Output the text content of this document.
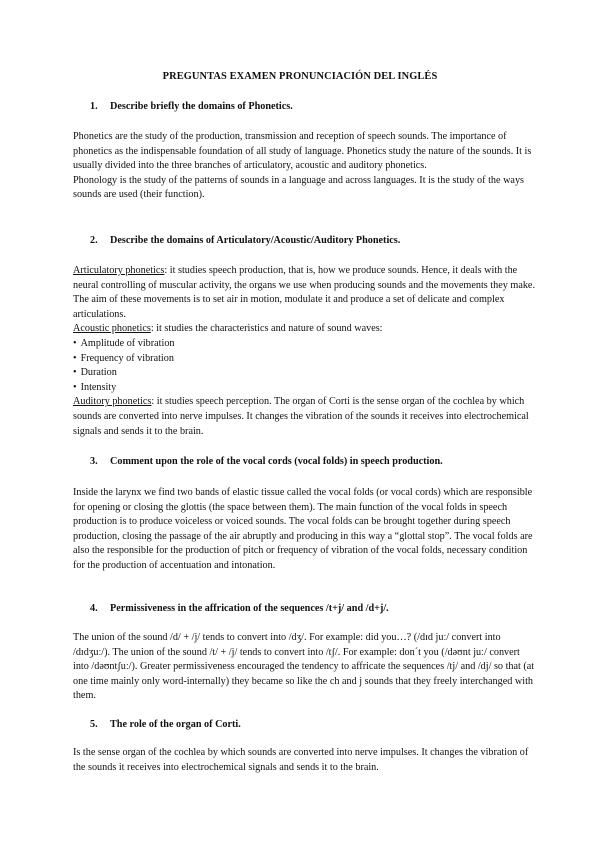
PREGUNTAS EXAMEN PRONUNCIACIÓN DEL INGLÉS
1. Describe briefly the domains of Phonetics.

Phonetics are the study of the production, transmission and reception of speech sounds. The importance of phonetics as the indispensable foundation of all study of language. Phonetics study the nature of the sounds. It is usually divided into the three branches of articulatory, acoustic and auditory phonetics.

Phonology is the study of the patterns of sounds in a language and across languages. It is the study of the ways sounds are used (their function).

2. Describe the domains of Articulatory/Acoustic/Auditory Phonetics.

Articulatory phonetics: it studies speech production, that is, how we produce sounds. Hence, it deals with the neural controlling of muscular activity, the organs we use when producing sounds and the movements they make. The aim of these movements is to set air in motion, modulate it and produce a set of delicate and complex articulations.

Acoustic phonetics: it studies the characteristics and nature of sound waves:

• Amplitude of vibration
• Frequency of vibration
• Duration
• Intensity

Auditory phonetics: it studies speech perception. The organ of Corti is the sense organ of the cochlea by which sounds are converted into nerve impulses. It changes the vibration of the sounds it receives into electrochemical signals and sends it to the brain.

3. Comment upon the role of the vocal cords (vocal folds) in speech production.

Inside the larynx we find two bands of elastic tissue called the vocal folds (or vocal cords) which are responsible for opening or closing the glottis (the space between them). The main function of the vocal folds in speech production is to produce voiceless or voiced sounds. The vocal folds can be brought together during speech production, closing the passage of the air abruptly and producing in this way a “glottal stop”. The vocal folds are also the responsible for the production of pitch or frequency of vibration of the vocal folds, necessary condition for the production of accentuation and intonation.

4. Permissiveness in the affrication of the sequences /t+j/ and /d+j/.

The union of the sound /d/ + /j/ tends to convert into /dʒ/. For example: did you…? (/dɪd juː/ convert into /dɪdʒuː/). The union of the sound /t/ + /j/ tends to convert into /tʃ/. For example: don´t you (/dəʊnt juː/ convert into /dəʊntʃuː/). Greater permissiveness encouraged the tendency to affricate the sequences /tj/ and /dj/ so that (at one time mainly only word-internally) they became so like the ch and j sounds that they freely interchanged with them.

5. The role of the organ of Corti.

Is the sense organ of the cochlea by which sounds are converted into nerve impulses. It changes the vibration of the sounds it receives into electrochemical signals and sends it to the brain.
